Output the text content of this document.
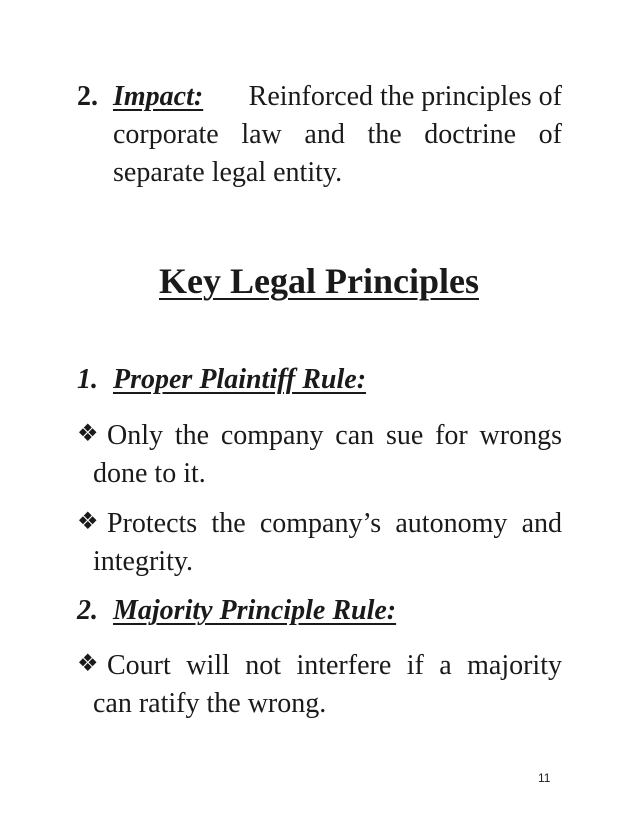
2. Impact: Reinforced the principles of
corporate law and the doctrine of
separate legal entity.
Key Legal Principles
1. Proper Plaintiff Rule:
❖ Only the company can sue for wrongs
done to it.
❖ Protects the company’s autonomy and
integrity.
2. Majority Principle Rule:
❖ Court will not interfere if a majority
can ratify the wrong.
11
